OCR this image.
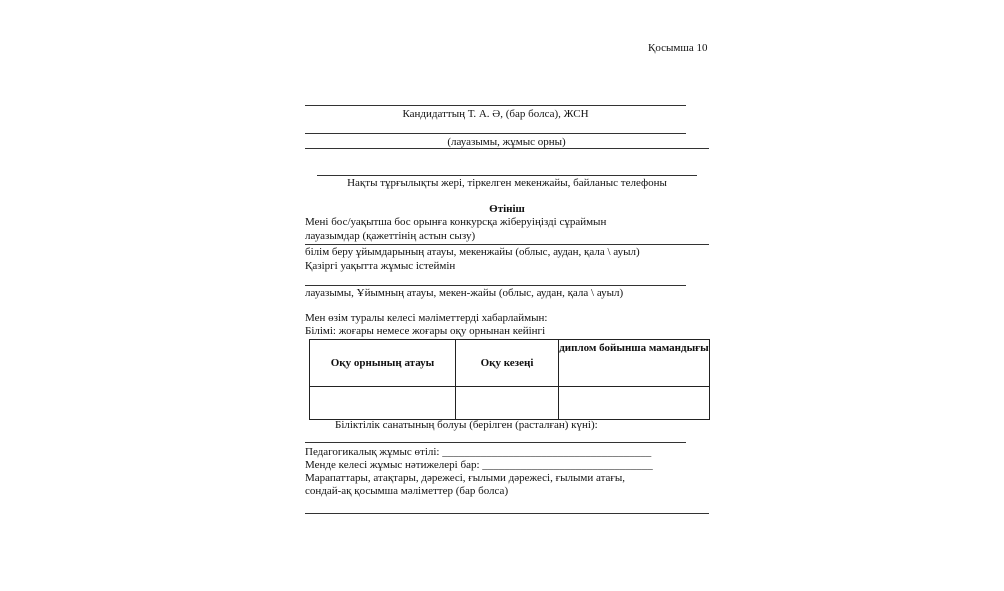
Қосымша 10
Кандидаттың Т. А. Ә, (бар болса), ЖСН
(лауазымы, жұмыс орны)
Нақты тұрғылықты жері, тіркелген мекенжайы, байланыс телефоны
Өтініш
Мені бос/уақытша бос орынға конкурсқа жіберуіңізді сұраймын
лауазымдар (қажеттінің астын сызу)
білім беру ұйымдарының атауы, мекенжайы (облыс, аудан, қала \ ауыл)
Қазіргі уақытта жұмыс істеймін
лауазымы, Ұйымның атауы, мекен-жайы (облыс, аудан, қала \ ауыл)
Мен өзім туралы келесі мәліметтерді хабарлаймын:
Білімі: жоғары немесе жоғары оқу орнынан кейінгі
Оқу орнының атауы	Оқу кезеңі	диплом бойынша мамандығы

Біліктілік санатының болуы (берілген (расталған) күні):
Педагогикалық жұмыс өтілі: ______________________________________
Менде келесі жұмыс нәтижелері бар: _______________________________
Марапаттары, атақтары, дәрежесі, ғылыми дәрежесі, ғылыми атағы,
сондай-ақ қосымша мәліметтер (бар болса)
